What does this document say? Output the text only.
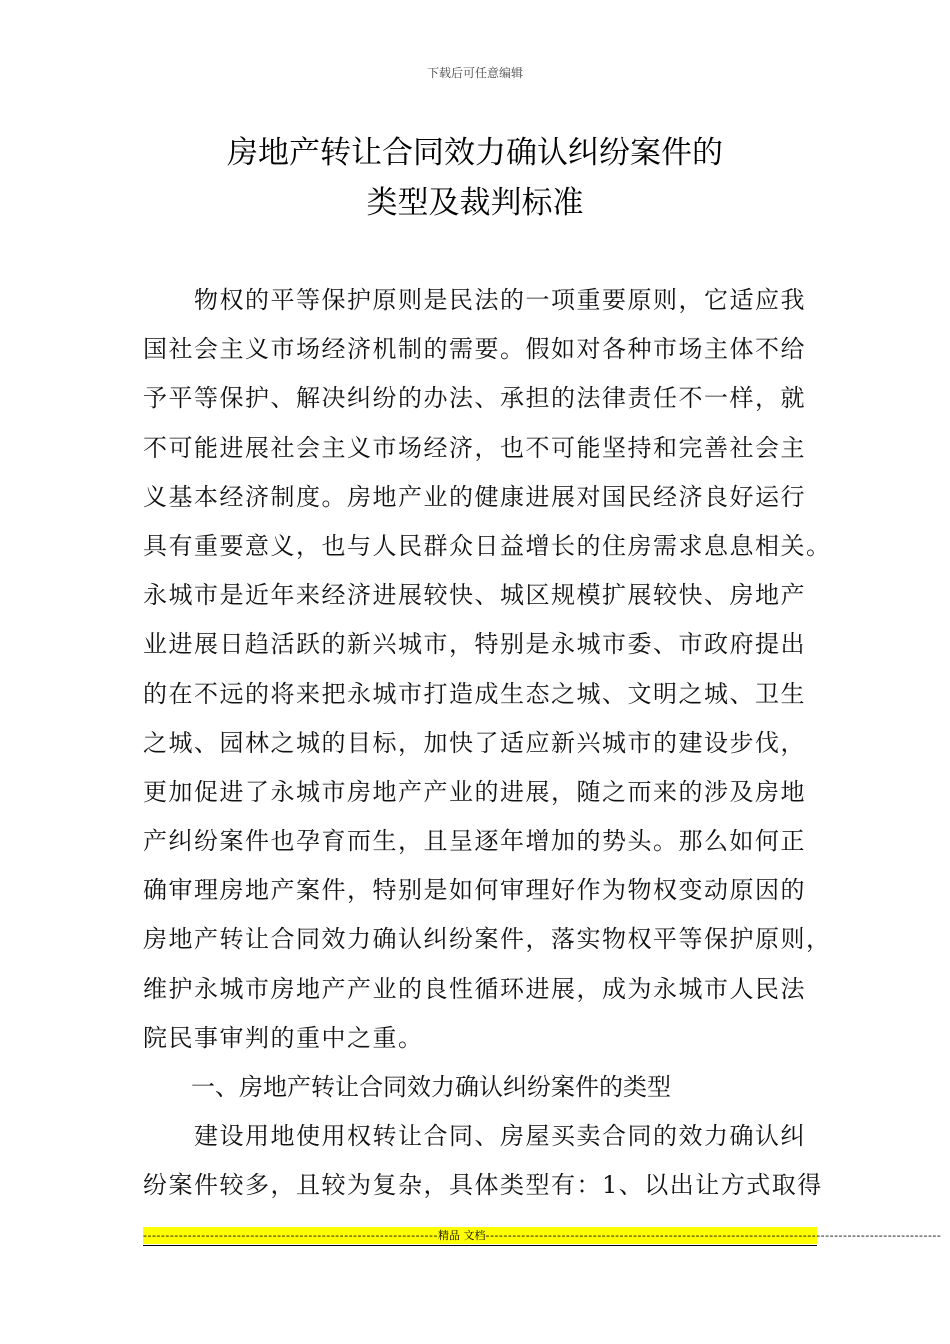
下载后可任意编辑
房地产转让合同效力确认纠纷案件的
类型及裁判标准
　　物权的平等保护原则是民法的一项重要原则，它适应我
国社会主义市场经济机制的需要。假如对各种市场主体不给
予平等保护、解决纠纷的办法、承担的法律责任不一样，就
不可能进展社会主义市场经济，也不可能坚持和完善社会主
义基本经济制度。房地产业的健康进展对国民经济良好运行
具有重要意义，也与人民群众日益增长的住房需求息息相关。
永城市是近年来经济进展较快、城区规模扩展较快、房地产
业进展日趋活跃的新兴城市，特别是永城市委、市政府提出
的在不远的将来把永城市打造成生态之城、文明之城、卫生
之城、园林之城的目标，加快了适应新兴城市的建设步伐，
更加促进了永城市房地产产业的进展，随之而来的涉及房地
产纠纷案件也孕育而生，且呈逐年增加的势头。那么如何正
确审理房地产案件，特别是如何审理好作为物权变动原因的
房地产转让合同效力确认纠纷案件，落实物权平等保护原则，
维护永城市房地产产业的良性循环进展，成为永城市人民法
院民事审判的重中之重。
　　一、房地产转让合同效力确认纠纷案件的类型
　　建设用地使用权转让合同、房屋买卖合同的效力确认纠
纷案件较多，且较为复杂，具体类型有：1、以出让方式取得
------------------------------------------------------------------精品 文档------------------------------------------------------------------------------------------------------
